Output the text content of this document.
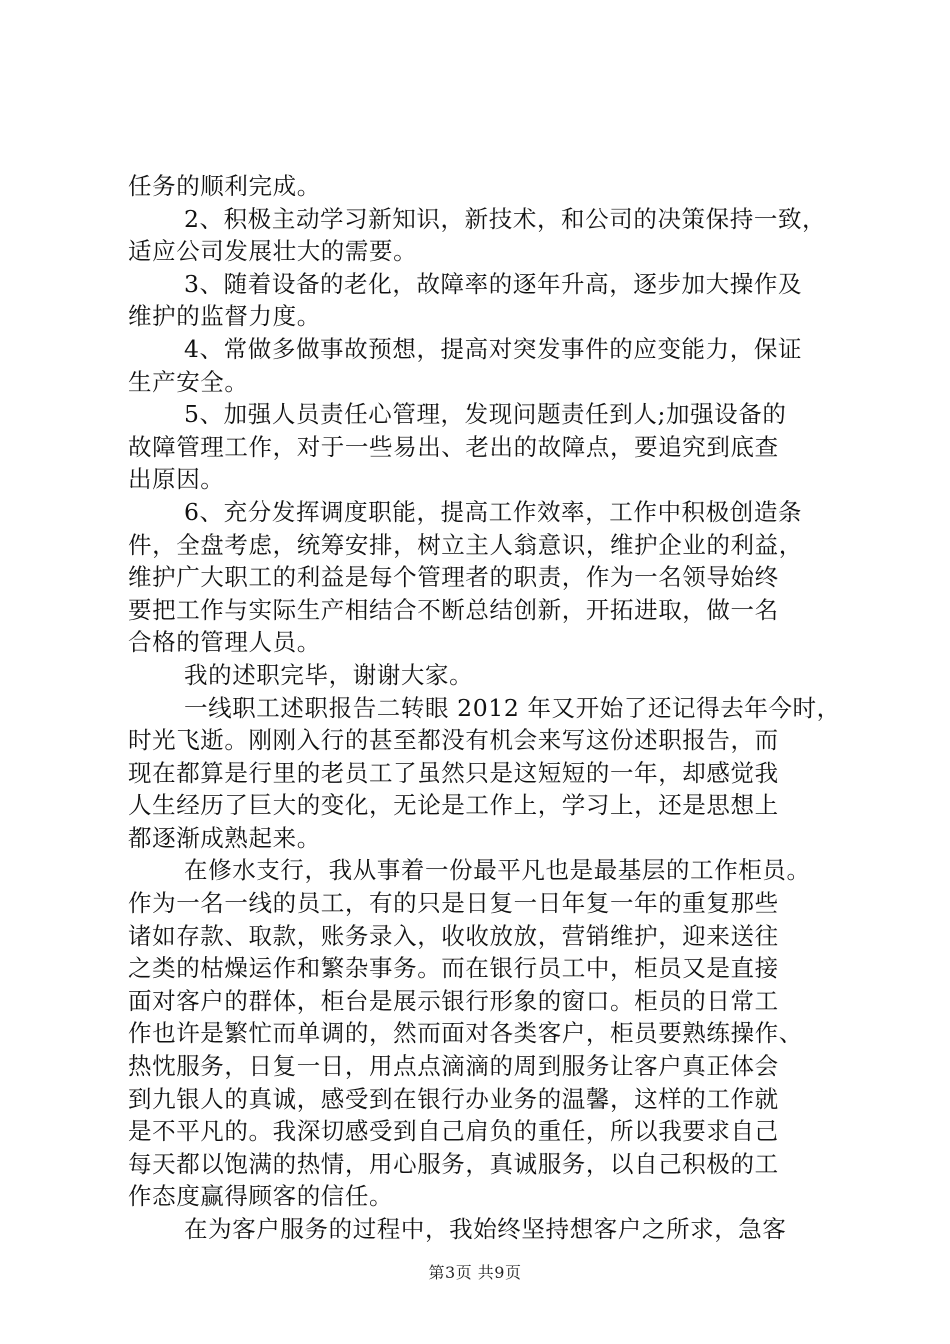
任务的顺利完成。
2、积极主动学习新知识，新技术，和公司的决策保持一致，
适应公司发展壮大的需要。
3、随着设备的老化，故障率的逐年升高，逐步加大操作及
维护的监督力度。
4、常做多做事故预想，提高对突发事件的应变能力，保证
生产安全。
5、加强人员责任心管理，发现问题责任到人;加强设备的
故障管理工作，对于一些易出、老出的故障点，要追究到底查
出原因。
6、充分发挥调度职能，提高工作效率，工作中积极创造条
件，全盘考虑，统筹安排，树立主人翁意识，维护企业的利益，
维护广大职工的利益是每个管理者的职责，作为一名领导始终
要把工作与实际生产相结合不断总结创新，开拓进取，做一名
合格的管理人员。
我的述职完毕，谢谢大家。
一线职工述职报告二转眼 2012 年又开始了还记得去年今时，
时光飞逝。刚刚入行的甚至都没有机会来写这份述职报告，而
现在都算是行里的老员工了虽然只是这短短的一年，却感觉我
人生经历了巨大的变化，无论是工作上，学习上，还是思想上
都逐渐成熟起来。
在修水支行，我从事着一份最平凡也是最基层的工作柜员。
作为一名一线的员工，有的只是日复一日年复一年的重复那些
诸如存款、取款，账务录入，收收放放，营销维护，迎来送往
之类的枯燥运作和繁杂事务。而在银行员工中，柜员又是直接
面对客户的群体，柜台是展示银行形象的窗口。柜员的日常工
作也许是繁忙而单调的，然而面对各类客户，柜员要熟练操作、
热忱服务，日复一日，用点点滴滴的周到服务让客户真正体会
到九银人的真诚，感受到在银行办业务的温馨，这样的工作就
是不平凡的。我深切感受到自己肩负的重任，所以我要求自己
每天都以饱满的热情，用心服务，真诚服务，以自己积极的工
作态度赢得顾客的信任。
在为客户服务的过程中，我始终坚持想客户之所求，急客
第3页 共9页
